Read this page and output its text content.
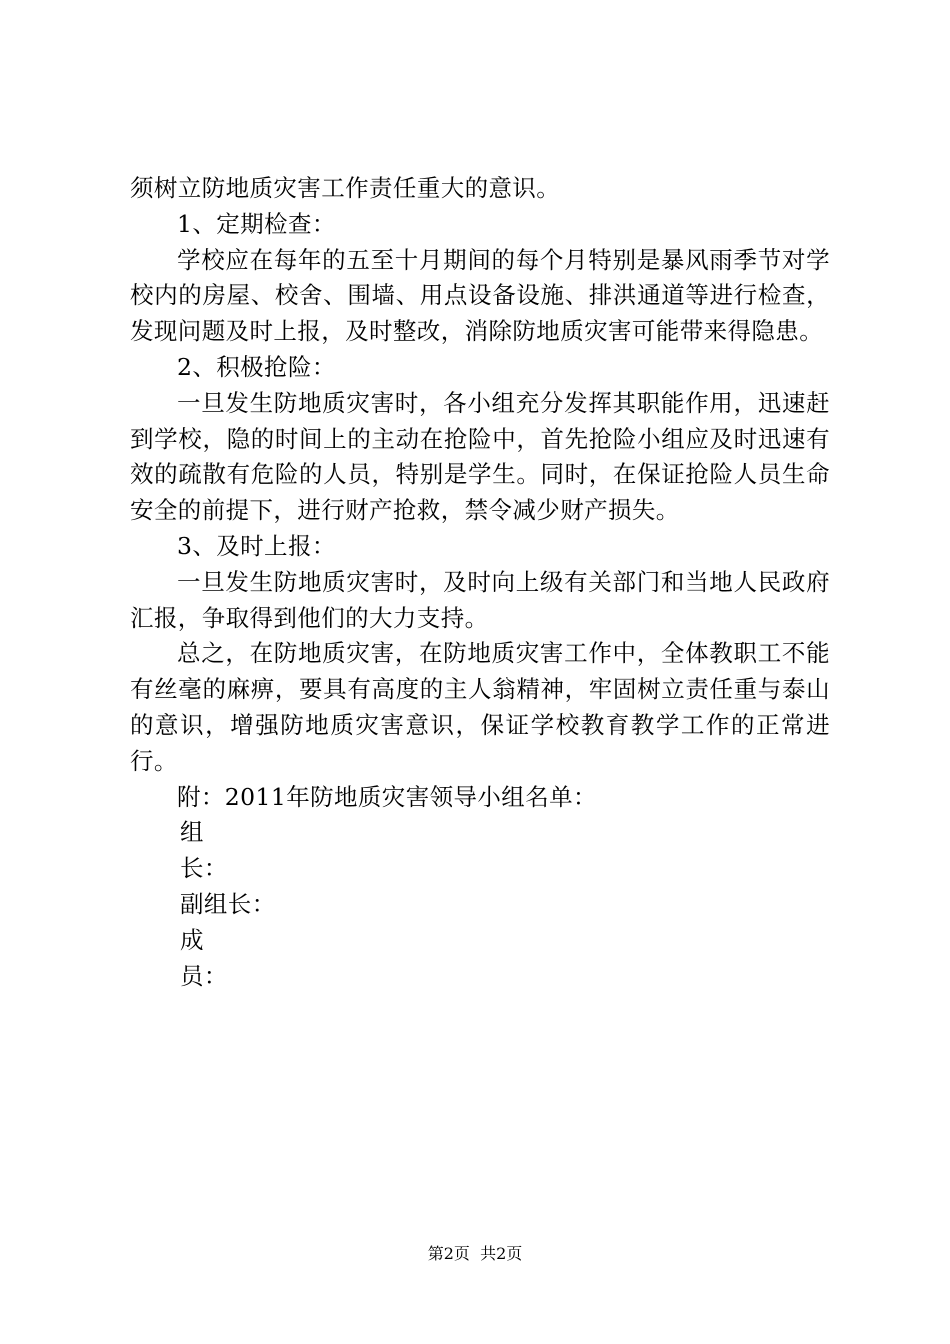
须树立防地质灾害工作责任重大的意识。

1、定期检查：

学校应在每年的五至十月期间的每个月特别是暴风雨季节对学校内的房屋、校舍、围墙、用点设备设施、排洪通道等进行检查，发现问题及时上报，及时整改，消除防地质灾害可能带来得隐患。

2、积极抢险：

一旦发生防地质灾害时，各小组充分发挥其职能作用，迅速赶到学校，隐的时间上的主动在抢险中，首先抢险小组应及时迅速有效的疏散有危险的人员，特别是学生。同时，在保证抢险人员生命安全的前提下，进行财产抢救，禁令减少财产损失。

3、及时上报：

一旦发生防地质灾害时，及时向上级有关部门和当地人民政府汇报，争取得到他们的大力支持。

总之，在防地质灾害，在防地质灾害工作中，全体教职工不能有丝毫的麻痹，要具有高度的主人翁精神，牢固树立责任重与泰山的意识，增强防地质灾害意识，保证学校教育教学工作的正常进行。

附：2011年防地质灾害领导小组名单：

组

长：

副组长：

成

员：

第2页 共2页
